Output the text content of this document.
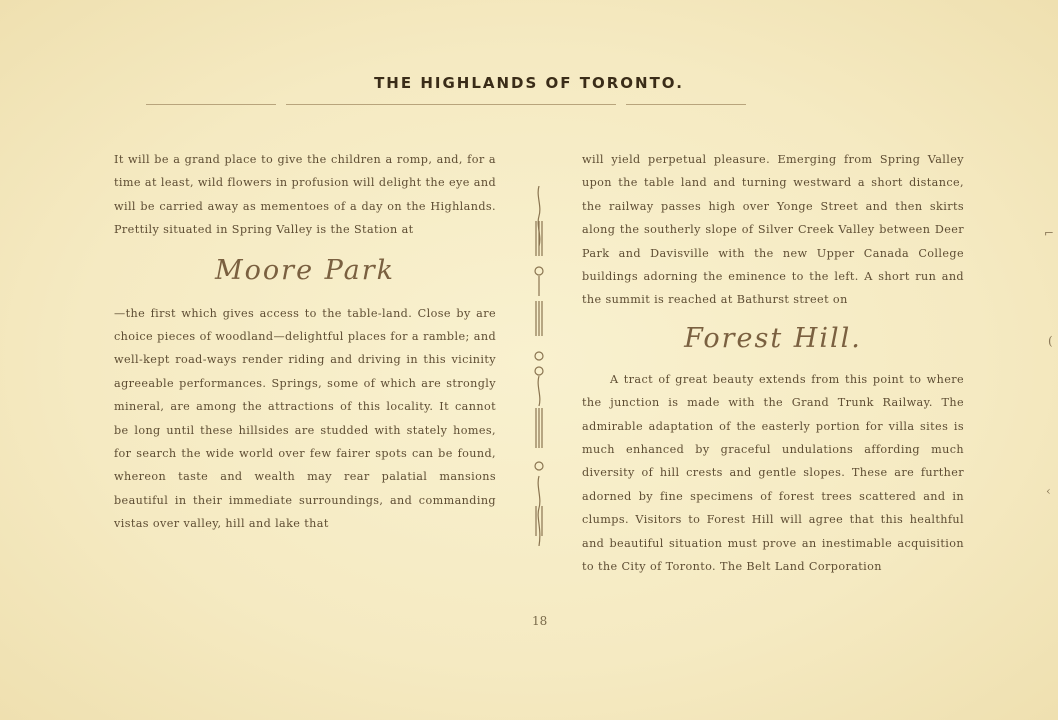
THE HIGHLANDS OF TORONTO.

It will be a grand place to give the children a romp, and, for a time at least, wild flowers in profusion will delight the eye and will be carried away as mementoes of a day on the Highlands. Prettily situated in Spring Valley is the Station at

Moore Park

—the first which gives access to the table-land. Close by are choice pieces of woodland—delightful places for a ramble; and well-kept road-ways render riding and driving in this vicinity agreeable performances. Springs, some of which are strongly mineral, are among the attractions of this locality. It cannot be long until these hillsides are studded with stately homes, for search the wide world over few fairer spots can be found, whereon taste and wealth may rear palatial mansions beautiful in their immediate surroundings, and commanding vistas over valley, hill and lake that

will yield perpetual pleasure. Emerging from Spring Valley upon the table land and turning westward a short distance, the railway passes high over Yonge Street and then skirts along the southerly slope of Silver Creek Valley between Deer Park and Davisville with the new Upper Canada College buildings adorning the eminence to the left. A short run and the summit is reached at Bathurst street on

Forest Hill.

A tract of great beauty extends from this point to where the junction is made with the Grand Trunk Railway. The admirable adaptation of the easterly portion for villa sites is much enhanced by graceful undulations affording much diversity of hill crests and gentle slopes. These are further adorned by fine specimens of forest trees scattered and in clumps. Visitors to Forest Hill will agree that this healthful and beautiful situation must prove an inestimable acquisition to the City of Toronto. The Belt Land Corporation

18
⌐
(
‹
